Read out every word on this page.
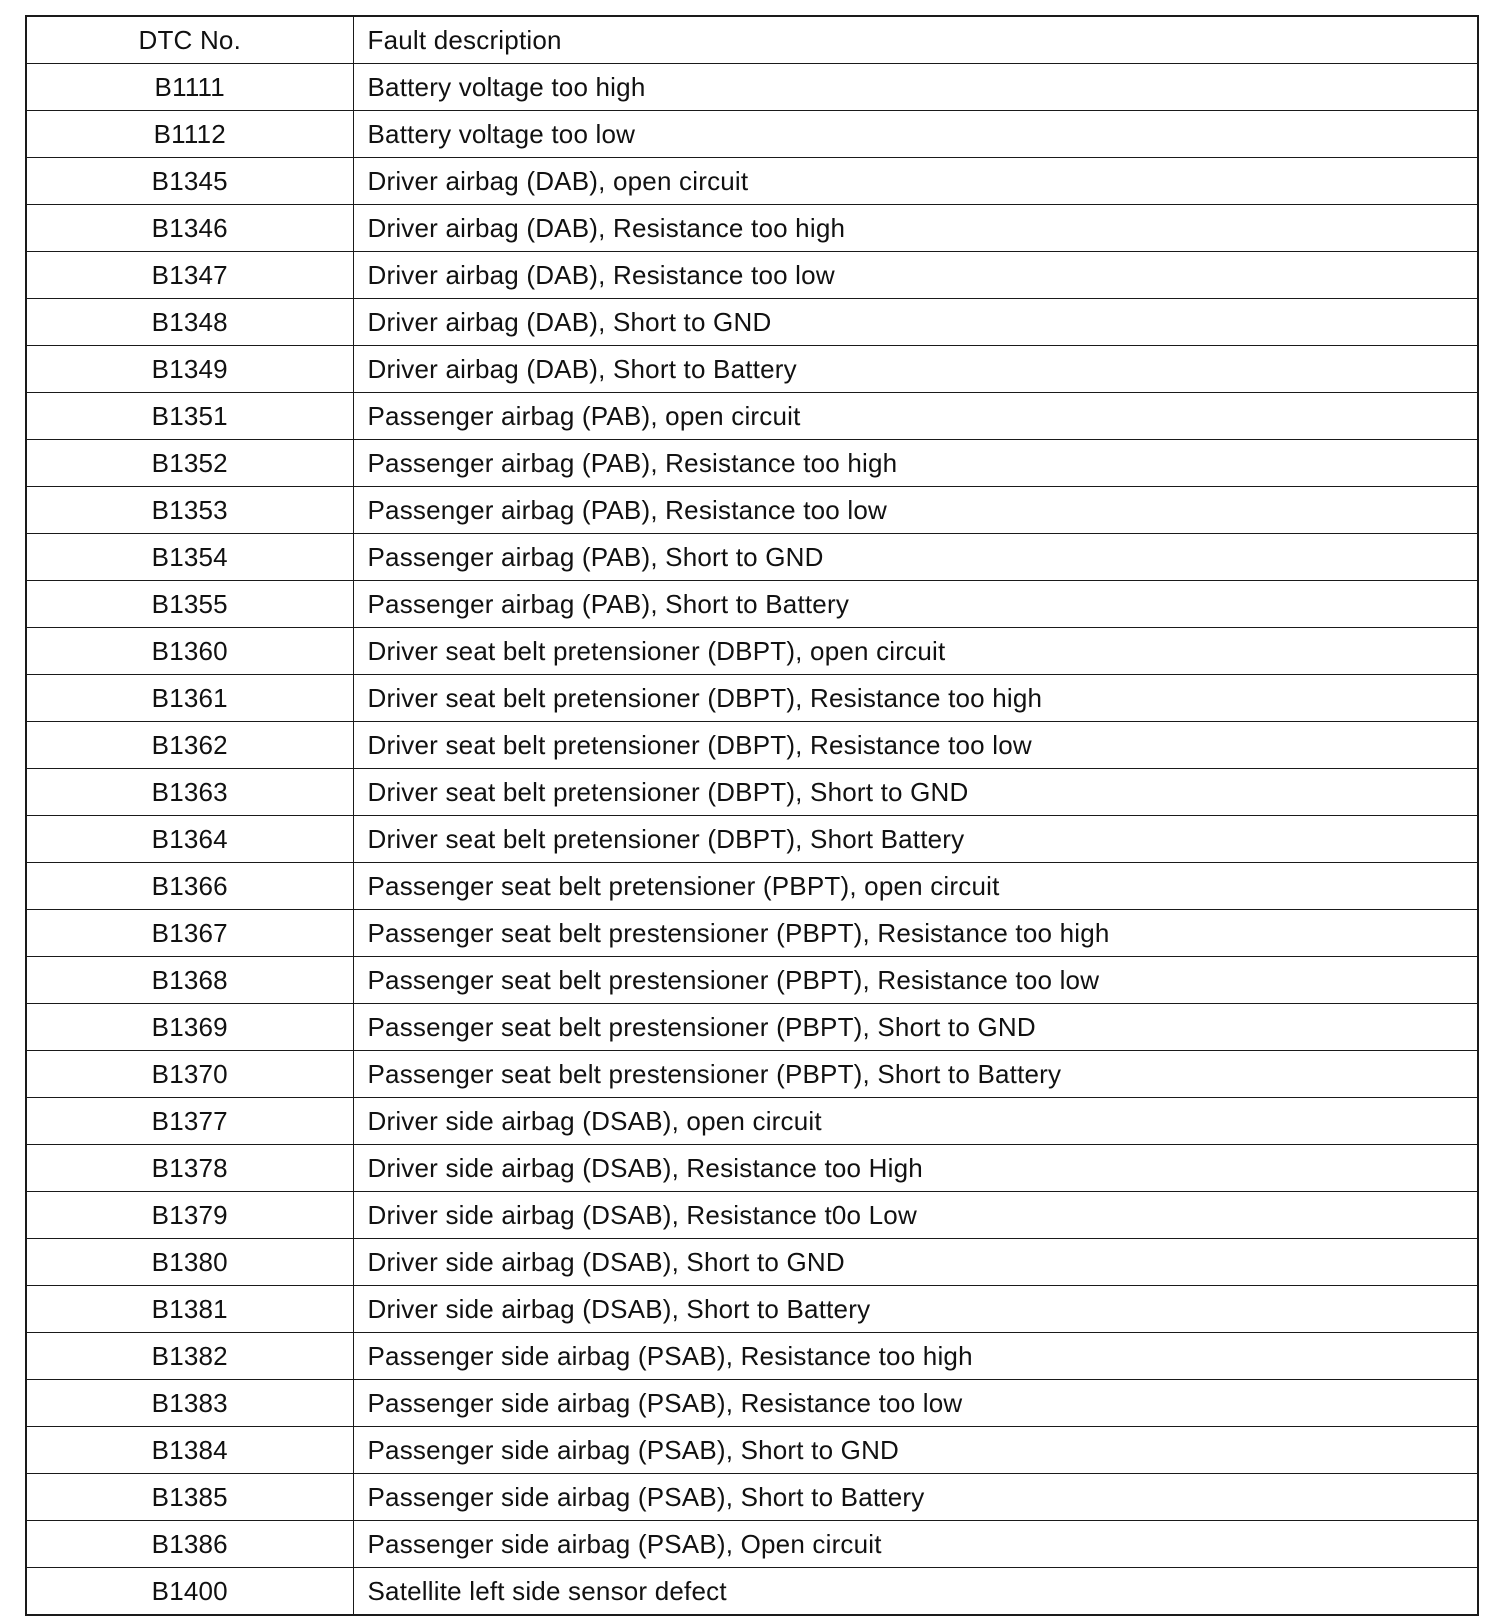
DTC No.	Fault description
B1111	Battery voltage too high
B1112	Battery voltage too low
B1345	Driver airbag (DAB), open circuit
B1346	Driver airbag (DAB), Resistance too high
B1347	Driver airbag (DAB), Resistance too low
B1348	Driver airbag (DAB), Short to GND
B1349	Driver airbag (DAB), Short to Battery
B1351	Passenger airbag (PAB), open circuit
B1352	Passenger airbag (PAB), Resistance too high
B1353	Passenger airbag (PAB), Resistance too low
B1354	Passenger airbag (PAB), Short to GND
B1355	Passenger airbag (PAB), Short to Battery
B1360	Driver seat belt pretensioner (DBPT), open circuit
B1361	Driver seat belt pretensioner (DBPT), Resistance too high
B1362	Driver seat belt pretensioner (DBPT), Resistance too low
B1363	Driver seat belt pretensioner (DBPT), Short to GND
B1364	Driver seat belt pretensioner (DBPT), Short Battery
B1366	Passenger seat belt pretensioner (PBPT), open circuit
B1367	Passenger seat belt prestensioner (PBPT), Resistance too high
B1368	Passenger seat belt prestensioner (PBPT), Resistance too low
B1369	Passenger seat belt prestensioner (PBPT), Short to GND
B1370	Passenger seat belt prestensioner (PBPT), Short to Battery
B1377	Driver side airbag (DSAB), open circuit
B1378	Driver side airbag (DSAB), Resistance too High
B1379	Driver side airbag (DSAB), Resistance t0o Low
B1380	Driver side airbag (DSAB), Short to GND
B1381	Driver side airbag (DSAB), Short to Battery
B1382	Passenger side airbag (PSAB), Resistance too high
B1383	Passenger side airbag (PSAB), Resistance too low
B1384	Passenger side airbag (PSAB), Short to GND
B1385	Passenger side airbag (PSAB), Short to Battery
B1386	Passenger side airbag (PSAB), Open circuit
B1400	Satellite left side sensor defect
